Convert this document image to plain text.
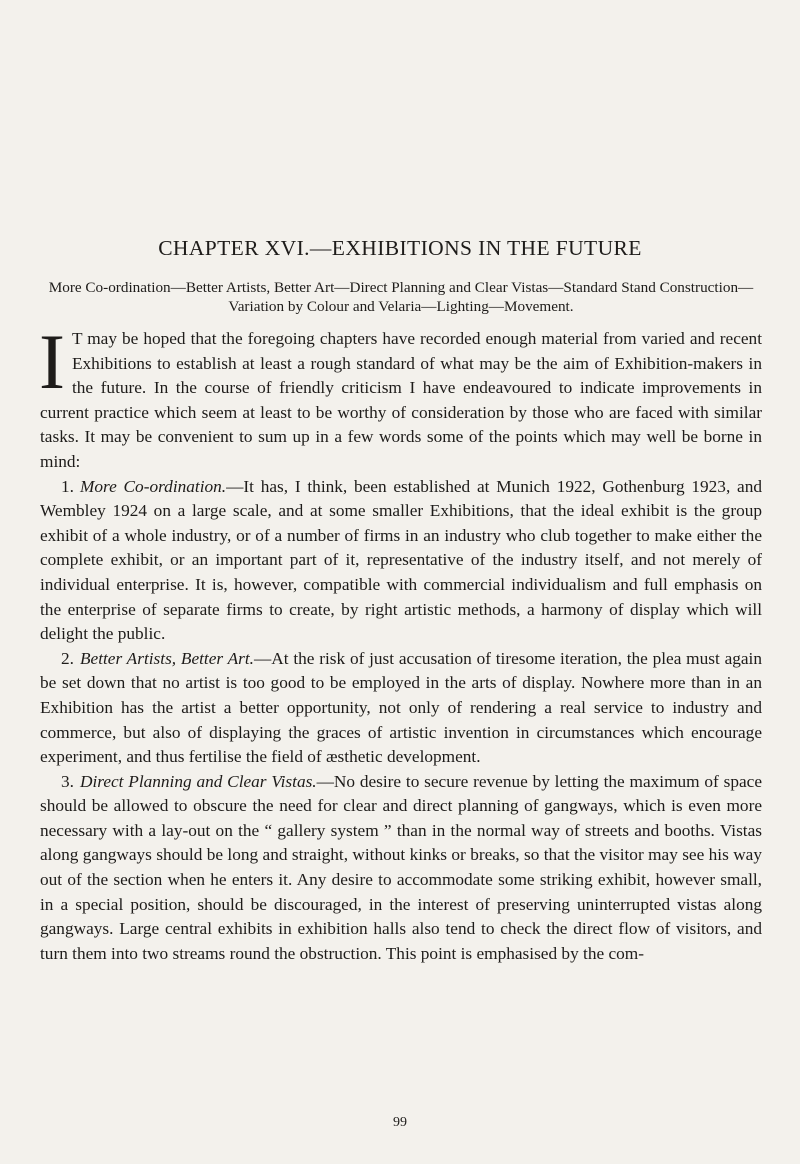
CHAPTER XVI.—EXHIBITIONS IN THE FUTURE

More Co-ordination—Better Artists, Better Art—Direct Planning and Clear Vistas—Standard Stand Construction—Variation by Colour and Velaria—Lighting—Movement.

I T may be hoped that the foregoing chapters have recorded enough material from varied and recent Exhibitions to establish at least a rough standard of what may be the aim of Exhibition-makers in the future. In the course of friendly criticism I have endeavoured to indicate improvements in current practice which seem at least to be worthy of consideration by those who are faced with similar tasks. It may be convenient to sum up in a few words some of the points which may well be borne in mind:

1. More Co-ordination.—It has, I think, been established at Munich 1922, Gothenburg 1923, and Wembley 1924 on a large scale, and at some smaller Exhibitions, that the ideal exhibit is the group exhibit of a whole industry, or of a number of firms in an industry who club together to make either the complete exhibit, or an important part of it, representative of the industry itself, and not merely of individual enterprise. It is, however, compatible with commercial individualism and full emphasis on the enterprise of separate firms to create, by right artistic methods, a harmony of display which will delight the public.

2. Better Artists, Better Art.—At the risk of just accusation of tiresome iteration, the plea must again be set down that no artist is too good to be employed in the arts of display. Nowhere more than in an Exhibition has the artist a better opportunity, not only of rendering a real service to industry and commerce, but also of displaying the graces of artistic invention in circumstances which encourage experiment, and thus fertilise the field of æsthetic development.

3. Direct Planning and Clear Vistas.—No desire to secure revenue by letting the maximum of space should be allowed to obscure the need for clear and direct planning of gangways, which is even more necessary with a lay-out on the “ gallery system ” than in the normal way of streets and booths. Vistas along gangways should be long and straight, without kinks or breaks, so that the visitor may see his way out of the section when he enters it. Any desire to accommodate some striking exhibit, however small, in a special position, should be discouraged, in the interest of preserving uninterrupted vistas along gangways. Large central exhibits in exhibition halls also tend to check the direct flow of visitors, and turn them into two streams round the obstruction. This point is emphasised by the com-

99
